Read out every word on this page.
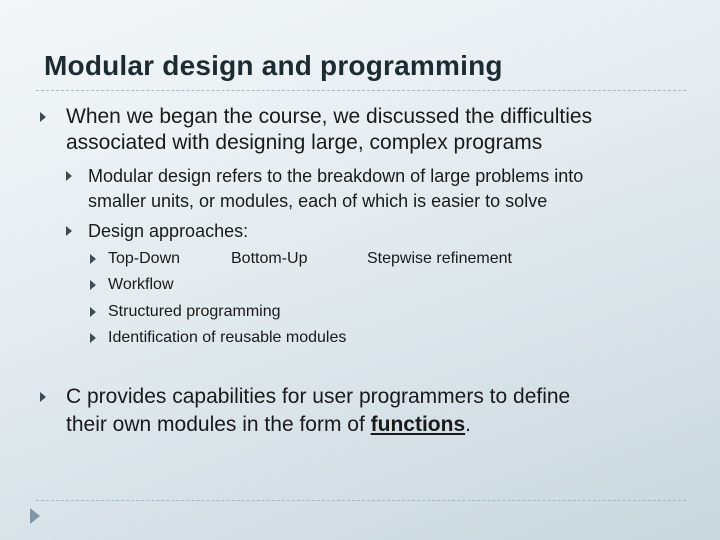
Modular design and programming
When we began the course, we discussed the difficulties
associated with designing large, complex programs
Modular design refers to the breakdown of large problems into
smaller units, or modules, each of which is easier to solve
Design approaches:
Top-Down	Bottom-Up	Stepwise refinement
Workflow
Structured programming
Identification of reusable modules
C provides capabilities for user programmers to define
their own modules in the form of functions.
